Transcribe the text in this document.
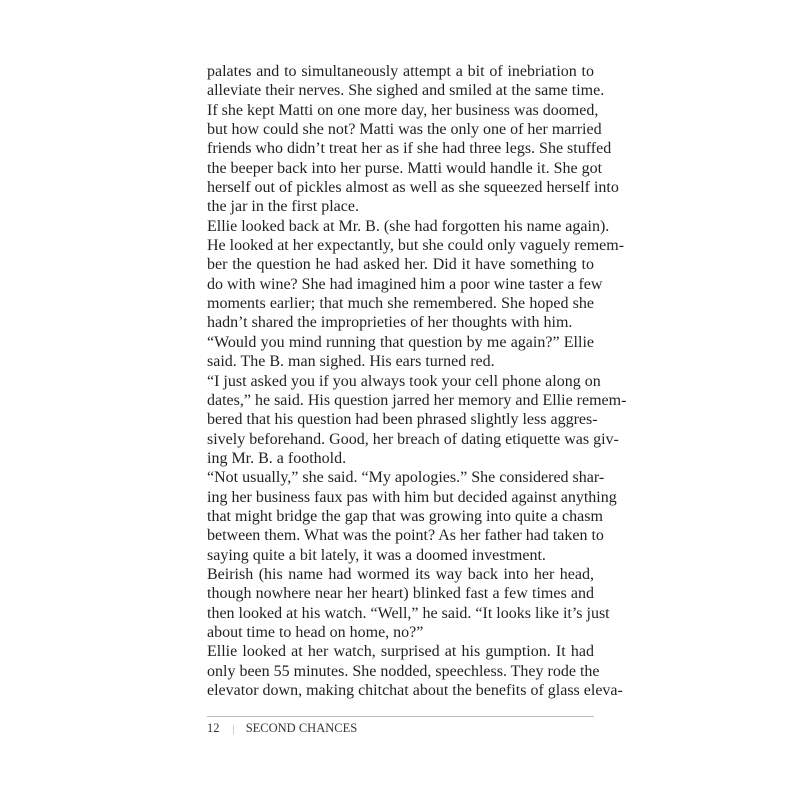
palates and to simultaneously attempt a bit of inebriation to
alleviate their nerves. She sighed and smiled at the same time.
If she kept Matti on one more day, her business was doomed,
but how could she not? Matti was the only one of her married
friends who didn’t treat her as if she had three legs. She stuffed
the beeper back into her purse. Matti would handle it. She got
herself out of pickles almost as well as she squeezed herself into
the jar in the first place.
Ellie looked back at Mr. B. (she had forgotten his name again).
He looked at her expectantly, but she could only vaguely remem-
ber the question he had asked her. Did it have something to
do with wine? She had imagined him a poor wine taster a few
moments earlier; that much she remembered. She hoped she
hadn’t shared the improprieties of her thoughts with him.
“Would you mind running that question by me again?” Ellie
said. The B. man sighed. His ears turned red.
“I just asked you if you always took your cell phone along on
dates,” he said. His question jarred her memory and Ellie remem-
bered that his question had been phrased slightly less aggres-
sively beforehand. Good, her breach of dating etiquette was giv-
ing Mr. B. a foothold.
“Not usually,” she said. “My apologies.” She considered shar-
ing her business faux pas with him but decided against anything
that might bridge the gap that was growing into quite a chasm
between them. What was the point? As her father had taken to
saying quite a bit lately, it was a doomed investment.
Beirish (his name had wormed its way back into her head,
though nowhere near her heart) blinked fast a few times and
then looked at his watch. “Well,” he said. “It looks like it’s just
about time to head on home, no?”
Ellie looked at her watch, surprised at his gumption. It had
only been 55 minutes. She nodded, speechless. They rode the
elevator down, making chitchat about the benefits of glass eleva-
12 | SECOND CHANCES
